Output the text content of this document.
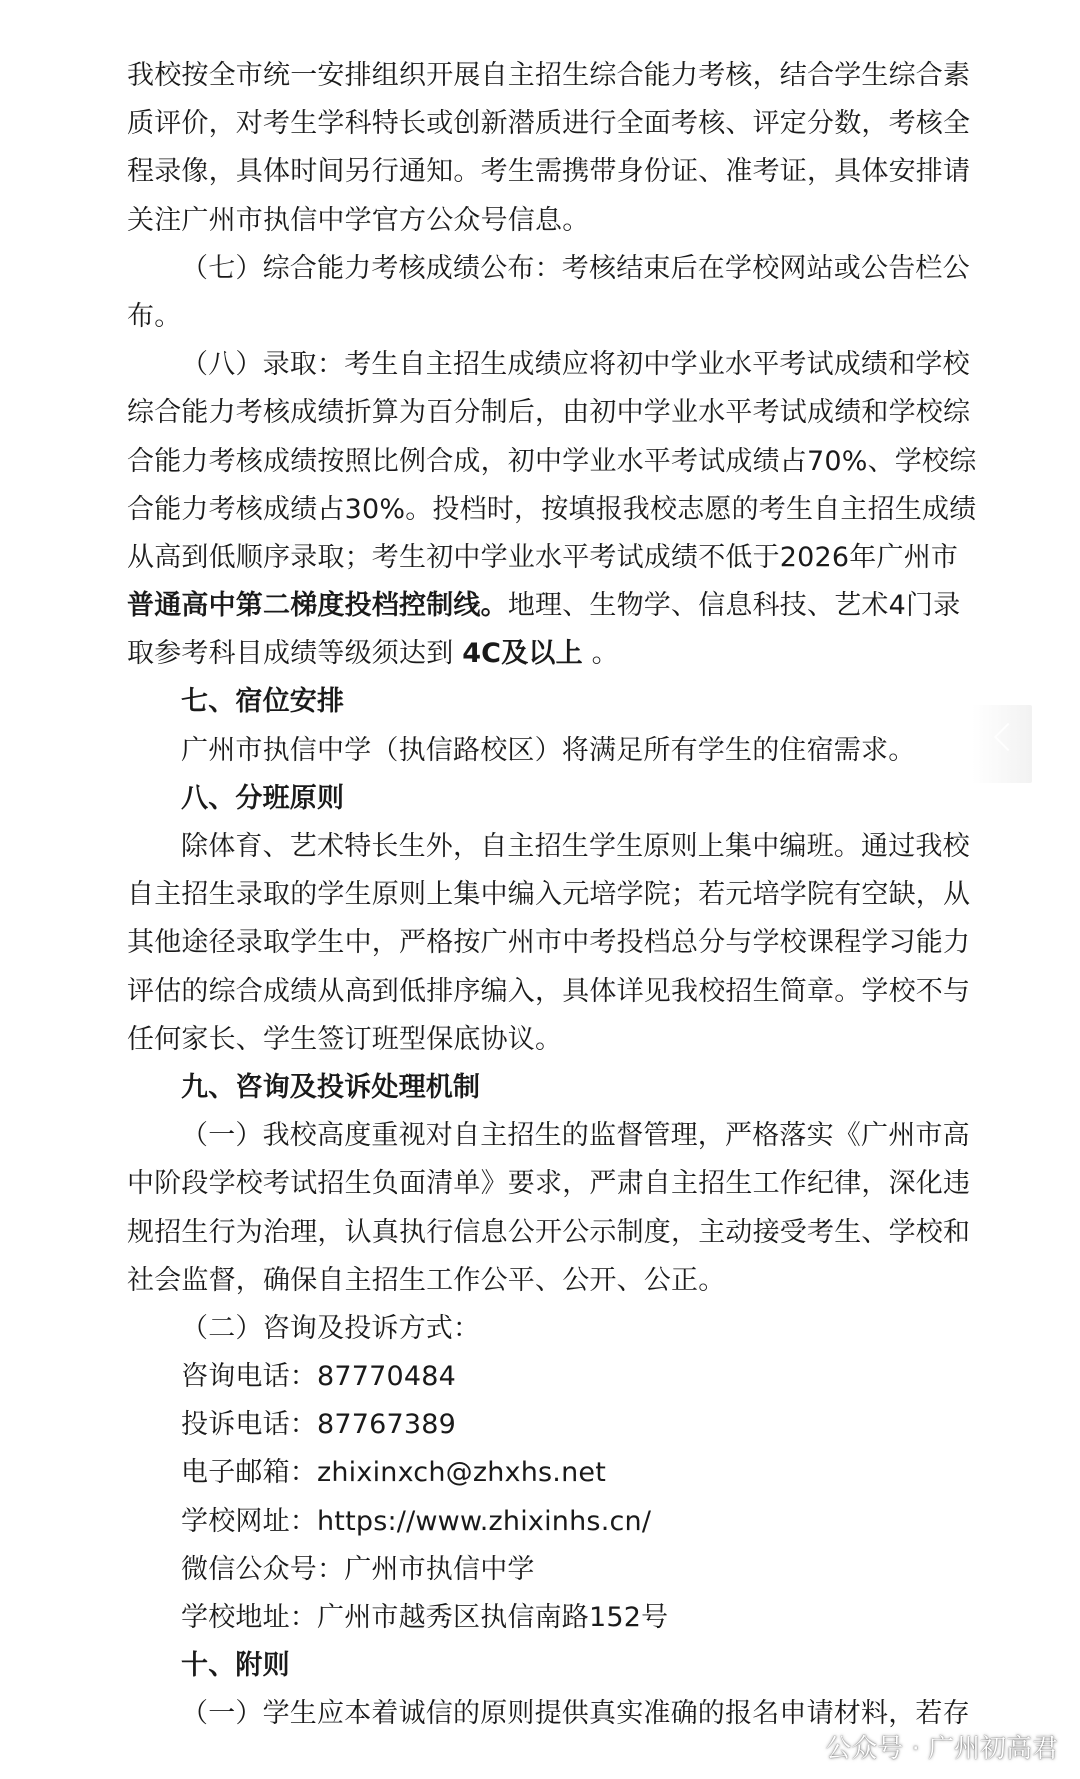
我校按全市统一安排组织开展自主招生综合能力考核，结合学生综合素
质评价，对考生学科特长或创新潜质进行全面考核、评定分数，考核全
程录像，具体时间另行通知。考生需携带身份证、准考证，具体安排请
关注广州市执信中学官方公众号信息。
（七）综合能力考核成绩公布：考核结束后在学校网站或公告栏公
布。
（八）录取：考生自主招生成绩应将初中学业水平考试成绩和学校
综合能力考核成绩折算为百分制后，由初中学业水平考试成绩和学校综
合能力考核成绩按照比例合成，初中学业水平考试成绩占70%、学校综
合能力考核成绩占30%。投档时，按填报我校志愿的考生自主招生成绩
从高到低顺序录取；考生初中学业水平考试成绩不低于2026年广州市
普通高中第二梯度投档控制线。地理、生物学、信息科技、艺术4门录
取参考科目成绩等级须达到 4C及以上 。
七、宿位安排
广州市执信中学（执信路校区）将满足所有学生的住宿需求。
八、分班原则
除体育、艺术特长生外，自主招生学生原则上集中编班。通过我校
自主招生录取的学生原则上集中编入元培学院；若元培学院有空缺，从
其他途径录取学生中，严格按广州市中考投档总分与学校课程学习能力
评估的综合成绩从高到低排序编入，具体详见我校招生简章。学校不与
任何家长、学生签订班型保底协议。
九、咨询及投诉处理机制
（一）我校高度重视对自主招生的监督管理，严格落实《广州市高
中阶段学校考试招生负面清单》要求，严肃自主招生工作纪律，深化违
规招生行为治理，认真执行信息公开公示制度，主动接受考生、学校和
社会监督，确保自主招生工作公平、公开、公正。
（二）咨询及投诉方式：
咨询电话：87770484
投诉电话：87767389
电子邮箱：zhixinxch@zhxhs.net
学校网址：https://www.zhixinhs.cn/
微信公众号：广州市执信中学
学校地址：广州市越秀区执信南路152号
十、附则
（一）学生应本着诚信的原则提供真实准确的报名申请材料，若存
公众号 · 广州初高君
